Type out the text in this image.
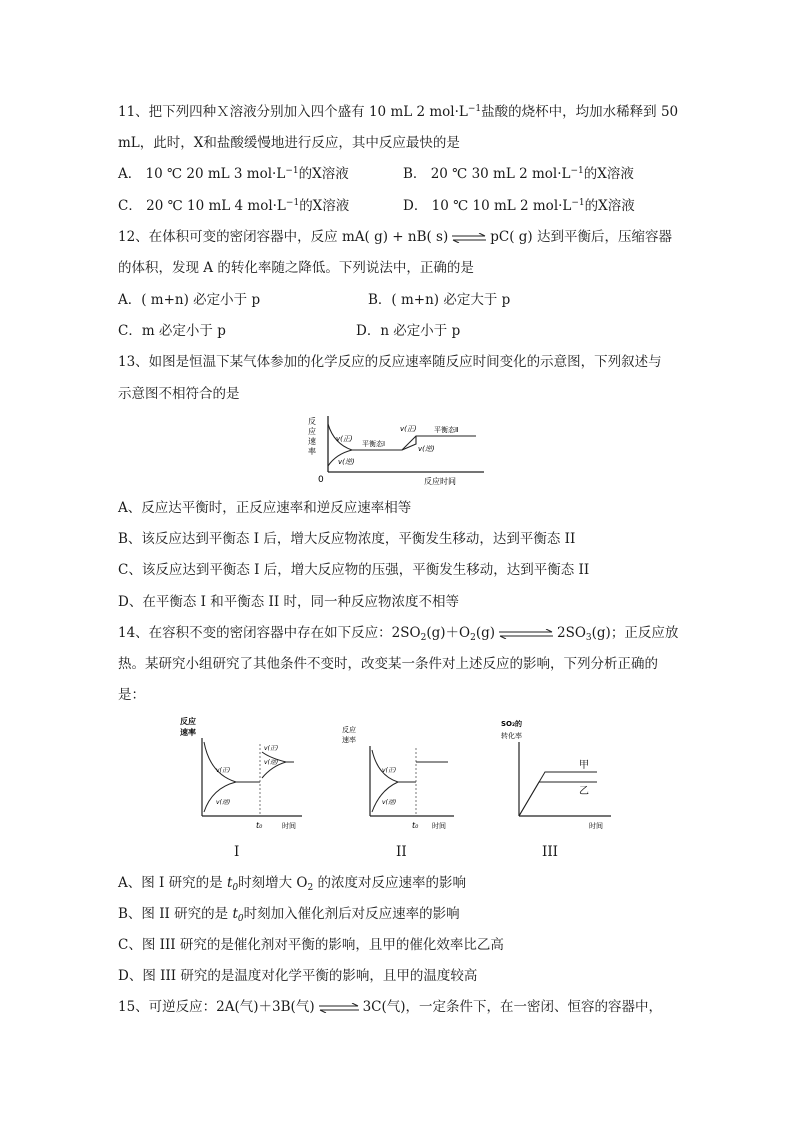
11、把下列四种Ｘ溶液分别加入四个盛有 10 mL 2 $mol\cdot L^{-1}$盐酸的烧杯中，均加水稀释到 50
mL，此时，X和盐酸缓慢地进行反应，其中反应最快的是
A． 10 ℃ 20 mL 3 $mol\cdot L^{-1}$的X溶液	B． 20 ℃ 30 mL 2 $mol\cdot L^{-1}$的X溶液
C． 20 ℃ 10 mL 4 $mol\cdot L^{-1}$的X溶液	D． 10 ℃ 10 mL 2 $mol\cdot L^{-1}$的X溶液
12、在体积可变的密闭容器中，反应 mA( g) + nB( s) ⇌ pC( g) 达到平衡后，压缩容器
的体积，发现 A 的转化率随之降低。下列说法中，正确的是
A．( m+n) 必定小于 p	B．( m+n) 必定大于 p
C．m 必定小于 p	D．n 必定小于 p
13、如图是恒温下某气体参加的化学反应的反应速率随反应时间变化的示意图，下列叙述与
示意图不相符合的是
反
应
速
率
0	反应时间
v(正)
v(逆)
平衡态Ⅰ
v(正)
v(逆)
平衡态Ⅱ
A、反应达平衡时，正反应速率和逆反应速率相等
B、该反应达到平衡态 I 后，增大反应物浓度，平衡发生移动，达到平衡态 II
C、该反应达到平衡态 I 后，增大反应物的压强，平衡发生移动，达到平衡态 II
D、在平衡态 I 和平衡态 II 时，同一种反应物浓度不相等
14、在容积不变的密闭容器中存在如下反应：$2SO_2(g)+O_2(g)$	$2SO_3(g)$；正反应放
热。某研究小组研究了其他条件不变时，改变某一条件对上述反应的影响，下列分析正确的
是：
反应
速率
v(正)
v(逆)
v(正)
v(逆)
t₀	时间
I
反应
速率
v(正)
v(逆)
t₀ 时间
II
SO₂的
转化率
甲
乙
时间
III
A、图 I 研究的是 $t_0$时刻增大 $O_2$ 的浓度对反应速率的影响
B、图 II 研究的是 $t_0$时刻加入催化剂后对反应速率的影响
C、图 III 研究的是催化剂对平衡的影响，且甲的催化效率比乙高
D、图 III 研究的是温度对化学平衡的影响，且甲的温度较高
15、可逆反应：2A(气)＋3B(气) ⇌ 3C(气)，一定条件下，在一密闭、恒容的容器中，
